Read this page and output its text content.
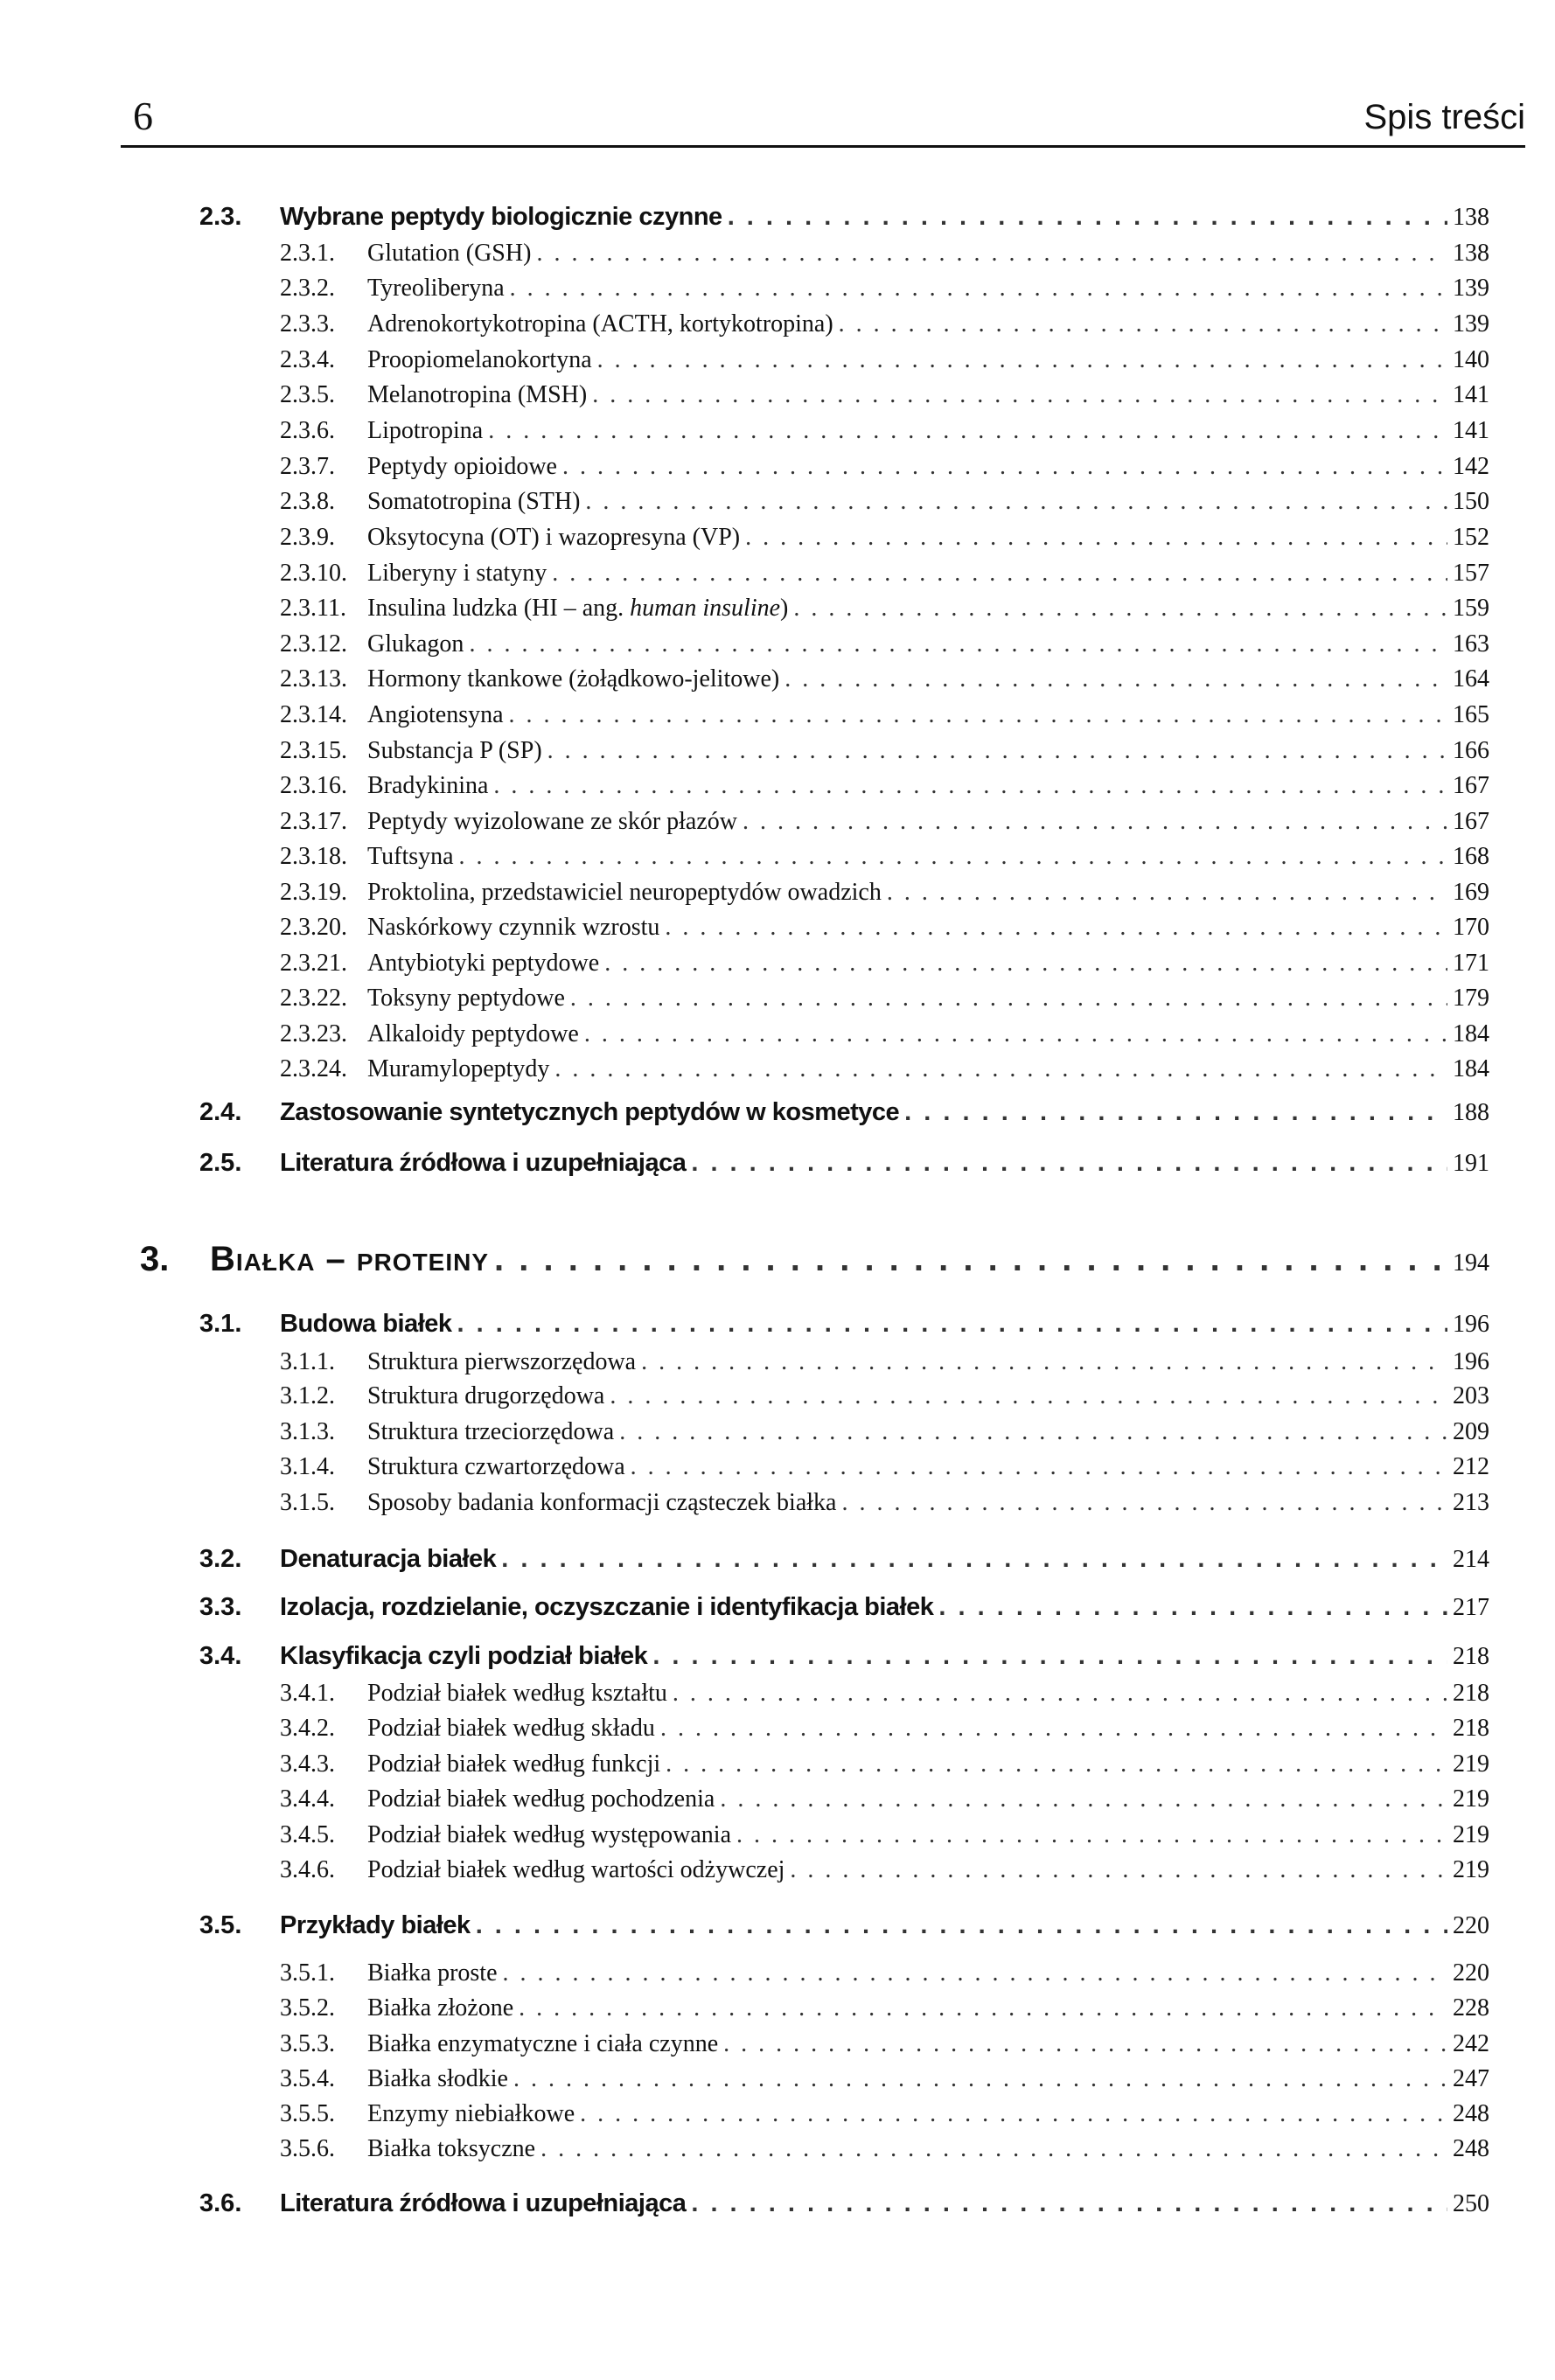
6	Spis treści
2.3.	Wybrane peptydy biologicznie czynne . . .	138
2.3.1.	Glutation (GSH) . . .	138
2.3.2.	Tyreoliberyna . . .	139
2.3.3.	Adrenokortykotropina (ACTH, kortykotropina) . . .	139
2.3.4.	Proopiomelanokortyna . . .	140
2.3.5.	Melanotropina (MSH) . . .	141
2.3.6.	Lipotropina . . .	141
2.3.7.	Peptydy opioidowe . . .	142
2.3.8.	Somatotropina (STH) . . .	150
2.3.9.	Oksytocyna (OT) i wazopresyna (VP) . . .	152
2.3.10. Liberyny i statyny . . .	157
2.3.11. Insulina ludzka (HI – ang. human insuline) . . .	159
2.3.12. Glukagon . . .	163
2.3.13. Hormony tkankowe (żołądkowo-jelitowe) . . .	164
2.3.14. Angiotensyna . . .	165
2.3.15. Substancja P (SP) . . .	166
2.3.16. Bradykinina . . .	167
2.3.17. Peptydy wyizolowane ze skór płazów . . .	167
2.3.18. Tuftsyna . . .	168
2.3.19. Proktolina, przedstawiciel neuropeptydów owadzich . . .	169
2.3.20. Naskórkowy czynnik wzrostu . . .	170
2.3.21. Antybiotyki peptydowe . . .	171
2.3.22. Toksyny peptydowe . . .	179
2.3.23. Alkaloidy peptydowe . . .	184
2.3.24. Muramylopeptydy . . .	184
2.4.	Zastosowanie syntetycznych peptydów w kosmetyce . . .	188
2.5.	Literatura źródłowa i uzupełniająca . . .	191
3.	Białka – proteiny . . .	194
3.1.	Budowa białek . . .	196
3.1.1.	Struktura pierwszorzędowa . . .	196
3.1.2.	Struktura drugorzędowa . . .	203
3.1.3.	Struktura trzeciorzędowa . . .	209
3.1.4.	Struktura czwartorzędowa . . .	212
3.1.5.	Sposoby badania konformacji cząsteczek białka . . .	213
3.2.	Denaturacja białek . . .	214
3.3.	Izolacja, rozdzielanie, oczyszczanie i identyfikacja białek . . .	217
3.4.	Klasyfikacja czyli podział białek . . .	218
3.4.1.	Podział białek według kształtu . . .	218
3.4.2.	Podział białek według składu . . .	218
3.4.3.	Podział białek według funkcji . . .	219
3.4.4.	Podział białek według pochodzenia . . .	219
3.4.5.	Podział białek według występowania . . .	219
3.4.6.	Podział białek według wartości odżywczej . . .	219
3.5.	Przykłady białek . . .	220
3.5.1.	Białka proste . . .	220
3.5.2.	Białka złożone . . .	228
3.5.3.	Białka enzymatyczne i ciała czynne . . .	242
3.5.4.	Białka słodkie . . .	247
3.5.5.	Enzymy niebiałkowe . . .	248
3.5.6.	Białka toksyczne . . .	248
3.6.	Literatura źródłowa i uzupełniająca . . .	250
